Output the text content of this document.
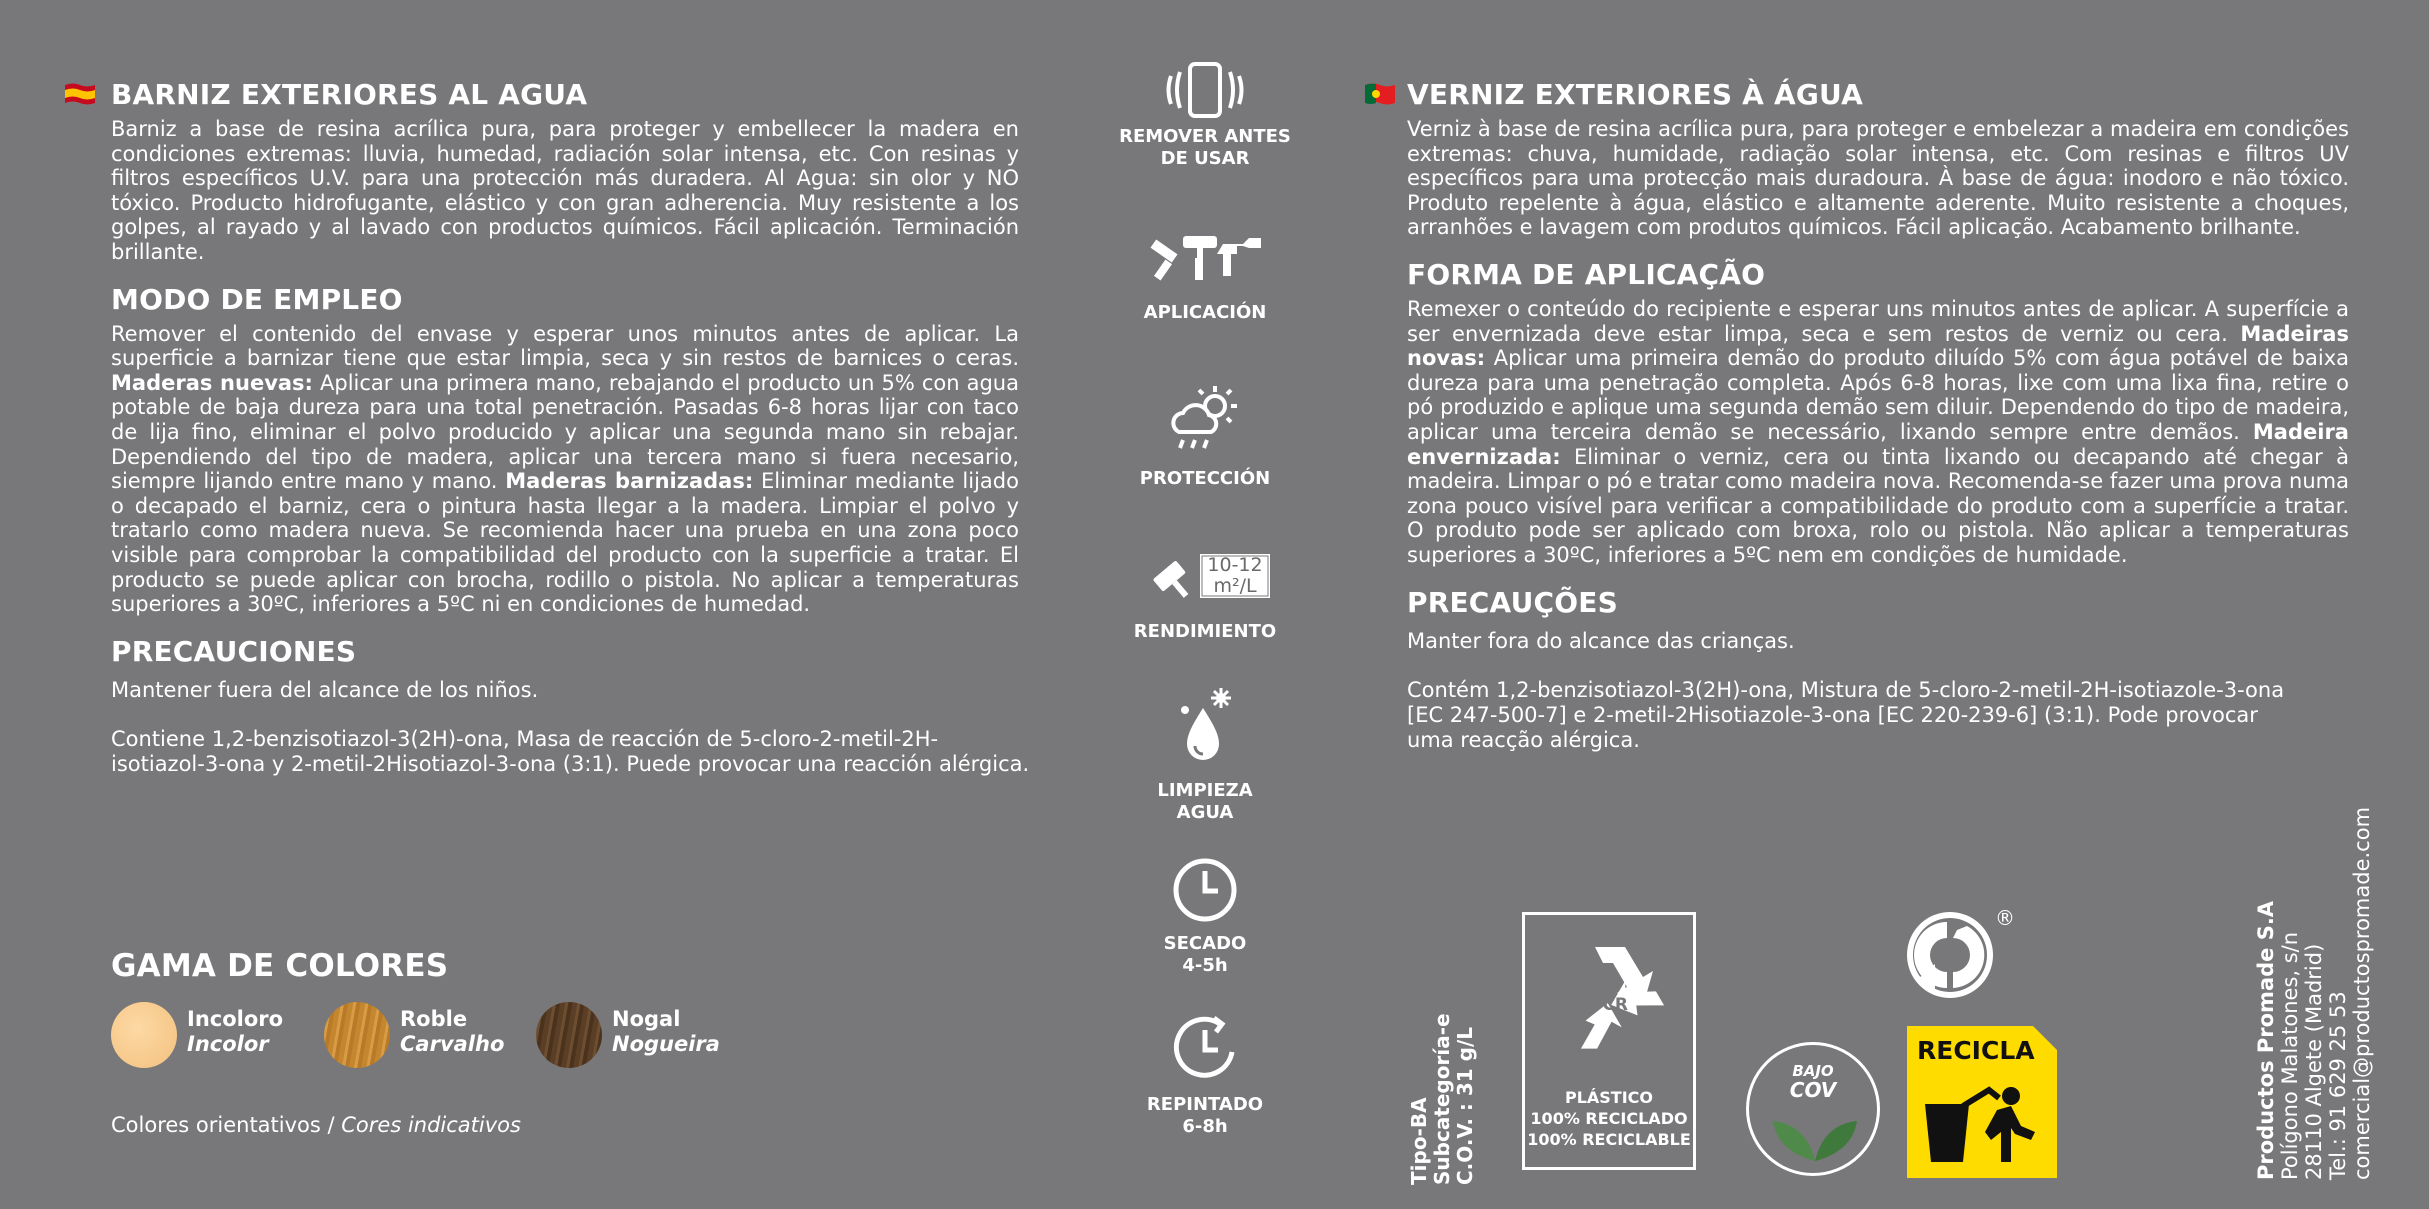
BARNIZ EXTERIORES AL AGUA
Barniz a base de resina acrílica pura, para proteger y embellecer la madera en condiciones extremas: lluvia, humedad, radiación solar intensa, etc. Con resinas y filtros específicos U.V. para una protección más duradera. Al Agua: sin olor y NO tóxico. Producto hidrofugante, elástico y con gran adherencia. Muy resistente a los golpes, al rayado y al lavado con productos químicos. Fácil aplicación. Terminación brillante.
MODO DE EMPLEO
Remover el contenido del envase y esperar unos minutos antes de aplicar. La superficie a barnizar tiene que estar limpia, seca y sin restos de barnices o ceras. Maderas nuevas: Aplicar una primera mano, rebajando el producto un 5% con agua potable de baja dureza para una total penetración. Pasadas 6-8 horas lijar con taco de lija fino, eliminar el polvo producido y aplicar una segunda mano sin rebajar. Dependiendo del tipo de madera, aplicar una tercera mano si fuera necesario, siempre lijando entre mano y mano. Maderas barnizadas: Eliminar mediante lijado o decapado el barniz, cera o pintura hasta llegar a la madera. Limpiar el polvo y tratarlo como madera nueva. Se recomienda hacer una prueba en una zona poco visible para comprobar la compatibilidad del producto con la superficie a tratar. El producto se puede aplicar con brocha, rodillo o pistola. No aplicar a temperaturas superiores a 30ºC, inferiores a 5ºC ni en condiciones de humedad.
PRECAUCIONES
Mantener fuera del alcance de los niños.
Contiene 1,2-benzisotiazol-3(2H)-ona, Masa de reacción de 5-cloro-2-metil-2H-isotiazol-3-ona y 2-metil-2Hisotiazol-3-ona (3:1). Puede provocar una reacción alérgica.
GAMA DE COLORES
Incoloro
Incolor
Roble
Carvalho
Nogal
Nogueira
Colores orientativos / Cores indicativos
REMOVER ANTES
DE USAR
APLICACIÓN
PROTECCIÓN
10-12
m²/L
RENDIMIENTO
LIMPIEZA
AGUA
SECADO
4-5h
REPINTADO
6-8h
VERNIZ EXTERIORES À ÁGUA
Verniz à base de resina acrílica pura, para proteger e embelezar a madeira em condições extremas: chuva, humidade, radiação solar intensa, etc. Com resinas e filtros UV específicos para uma protecção mais duradoura. À base de água: inodoro e não tóxico. Produto repelente à água, elástico e altamente aderente. Muito resistente a choques, arranhões e lavagem com produtos químicos. Fácil aplicação. Acabamento brilhante.
FORMA DE APLICAÇÃO
Remexer o conteúdo do recipiente e esperar uns minutos antes de aplicar. A superfície a ser envernizada deve estar limpa, seca e sem restos de verniz ou cera. Madeiras novas: Aplicar uma primeira demão do produto diluído 5% com água potável de baixa dureza para uma penetração completa. Após 6-8 horas, lixe com uma lixa fina, retire o pó produzido e aplique uma segunda demão sem diluir. Dependendo do tipo de madeira, aplicar uma terceira demão se necessário, lixando sempre entre demãos. Madeira envernizada: Eliminar o verniz, cera ou tinta lixando ou decapando até chegar à madeira. Limpar o pó e tratar como madeira nova. Recomenda-se fazer uma prova numa zona pouco visível para verificar a compatibilidade do produto com a superfície a tratar. O produto pode ser aplicado com broxa, rolo ou pistola. Não aplicar a temperaturas superiores a 30ºC, inferiores a 5ºC nem em condições de humidade.
PRECAUÇÕES
Manter fora do alcance das crianças.
Contém 1,2-benzisotiazol-3(2H)-ona, Mistura de 5-cloro-2-metil-2H-isotiazole-3-ona [EC 247-500-7] e 2-metil-2Hisotiazole-3-ona [EC 220-239-6] (3:1). Pode provocar uma reacção alérgica.
Tipo-BA Subcategoría-e C.O.V. : 31 g/L
PCR
PLÁSTICO
100% RECICLADO
100% RECICLABLE
BAJO
COV
®
RECICLA	Productos Promade S.A Polígono Malatones, s/n 28110 Algete (Madrid) Tel.: 91 629 25 53 comercial@productospromade.com
